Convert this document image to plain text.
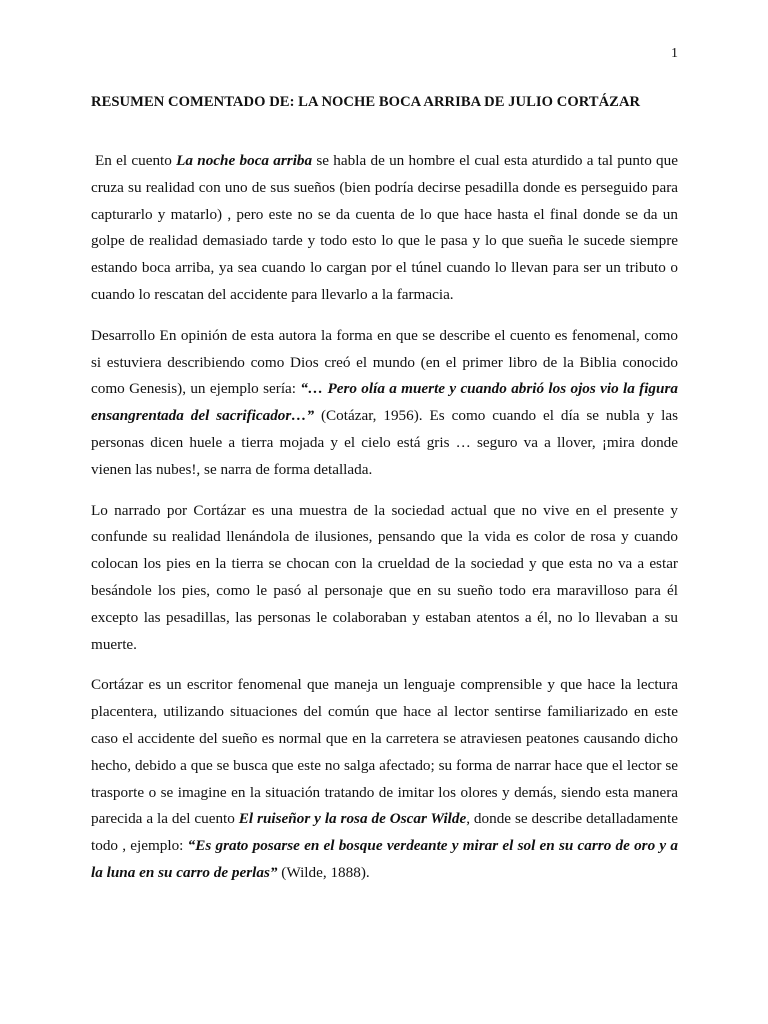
1
RESUMEN COMENTADO DE: LA NOCHE BOCA ARRIBA DE JULIO CORTÁZAR

En el cuento La noche boca arriba se habla de un hombre el cual esta aturdido a tal punto que cruza su realidad con uno de sus sueños (bien podría decirse pesadilla donde es perseguido para capturarlo y matarlo) , pero este no se da cuenta de lo que hace hasta el final donde se da un golpe de realidad demasiado tarde y todo esto lo que le pasa y lo que sueña le sucede siempre estando boca arriba, ya sea cuando lo cargan por el túnel cuando lo llevan para ser un tributo o cuando lo rescatan del accidente para llevarlo a la farmacia.

Desarrollo En opinión de esta autora la forma en que se describe el cuento es fenomenal, como si estuviera describiendo como Dios creó el mundo (en el primer libro de la Biblia conocido como Genesis), un ejemplo sería: “… Pero olía a muerte y cuando abrió los ojos vio la figura ensangrentada del sacrificador…” (Cotázar, 1956). Es como cuando el día se nubla y las personas dicen huele a tierra mojada y el cielo está gris … seguro va a llover, ¡mira donde vienen las nubes!, se narra de forma detallada.

Lo narrado por Cortázar es una muestra de la sociedad actual que no vive en el presente y confunde su realidad llenándola de ilusiones, pensando que la vida es color de rosa y cuando colocan los pies en la tierra se chocan con la crueldad de la sociedad y que esta no va a estar besándole los pies, como le pasó al personaje que en su sueño todo era maravilloso para él excepto las pesadillas, las personas le colaboraban y estaban atentos a él, no lo llevaban a su muerte.

Cortázar es un escritor fenomenal que maneja un lenguaje comprensible y que hace la lectura placentera, utilizando situaciones del común que hace al lector sentirse familiarizado en este caso el accidente del sueño es normal que en la carretera se atraviesen peatones causando dicho hecho, debido a que se busca que este no salga afectado; su forma de narrar hace que el lector se trasporte o se imagine en la situación tratando de imitar los olores y demás, siendo esta manera parecida a la del cuento El ruiseñor y la rosa de Oscar Wilde, donde se describe detalladamente todo , ejemplo: “Es grato posarse en el bosque verdeante y mirar el sol en su carro de oro y a la luna en su carro de perlas” (Wilde, 1888).
